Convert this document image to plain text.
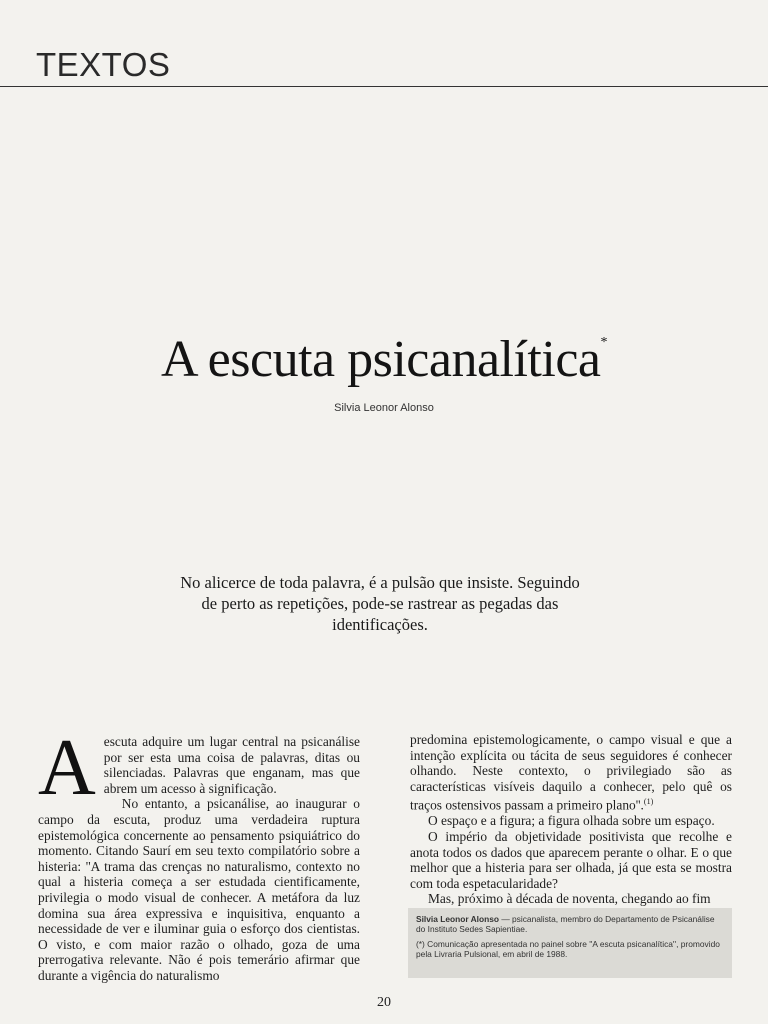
TEXTOS
A escuta psicanalítica*
Silvia Leonor Alonso
No alicerce de toda palavra, é a pulsão que insiste. Seguindo de perto as repetições, pode-se rastrear as pegadas das identificações.

Aescuta adquire um lugar central na psicanálise por ser esta uma coisa de palavras, ditas ou silenciadas. Palavras que enganam, mas que abrem um acesso à significação.

No entanto, a psicanálise, ao inaugurar o campo da escuta, produz uma verdadeira ruptura epistemológica concernente ao pensamento psiquiátrico do momento. Citando Saurí em seu texto compilatório sobre a histeria: ''A trama das crenças no naturalismo, contexto no qual a histeria começa a ser estudada cientificamente, privilegia o modo visual de conhecer. A metáfora da luz domina sua área expressiva e inquisitiva, enquanto a necessidade de ver e iluminar guia o esforço dos cientistas. O visto, e com maior razão o olhado, goza de uma prerrogativa relevante. Não é pois temerário afirmar que durante a vigência do naturalismo

predomina epistemologicamente, o campo visual e que a intenção explícita ou tácita de seus seguidores é conhecer olhando. Neste contexto, o privilegiado são as características visíveis daquilo a conhecer, pelo quê os traços ostensivos passam a primeiro plano''.$^{(1)}$

O espaço e a figura; a figura olhada sobre um espaço.

O império da objetividade positivista que recolhe e anota todos os dados que aparecem perante o olhar. E o que melhor que a histeria para ser olhada, já que esta se mostra com toda espetacularidade?

Mas, próximo à década de noventa, chegando ao fim

Silvia Leonor Alonso — psicanalista, membro do Departamento de Psicanálise do Instituto Sedes Sapientiae.

(*) Comunicação apresentada no painel sobre ''A escuta psicanalítica'', promovido pela Livraria Pulsional, em abril de 1988.

20
